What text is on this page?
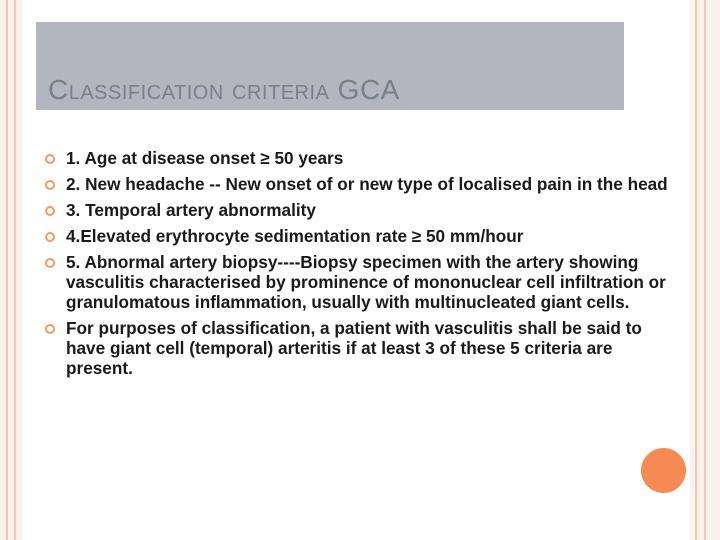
Classification criteria GCA
1. Age at disease onset ≥ 50 years
2. New headache -- New onset of or new type of localised pain in the head
3. Temporal artery abnormality
4.Elevated erythrocyte sedimentation rate ≥ 50 mm/hour
5. Abnormal artery biopsy----Biopsy specimen with the artery showing vasculitis characterised by prominence of mononuclear cell infiltration or granulomatous inflammation, usually with multinucleated giant cells.
For purposes of classification, a patient with vasculitis shall be said to have giant cell (temporal) arteritis if at least 3 of these 5 criteria are present.
